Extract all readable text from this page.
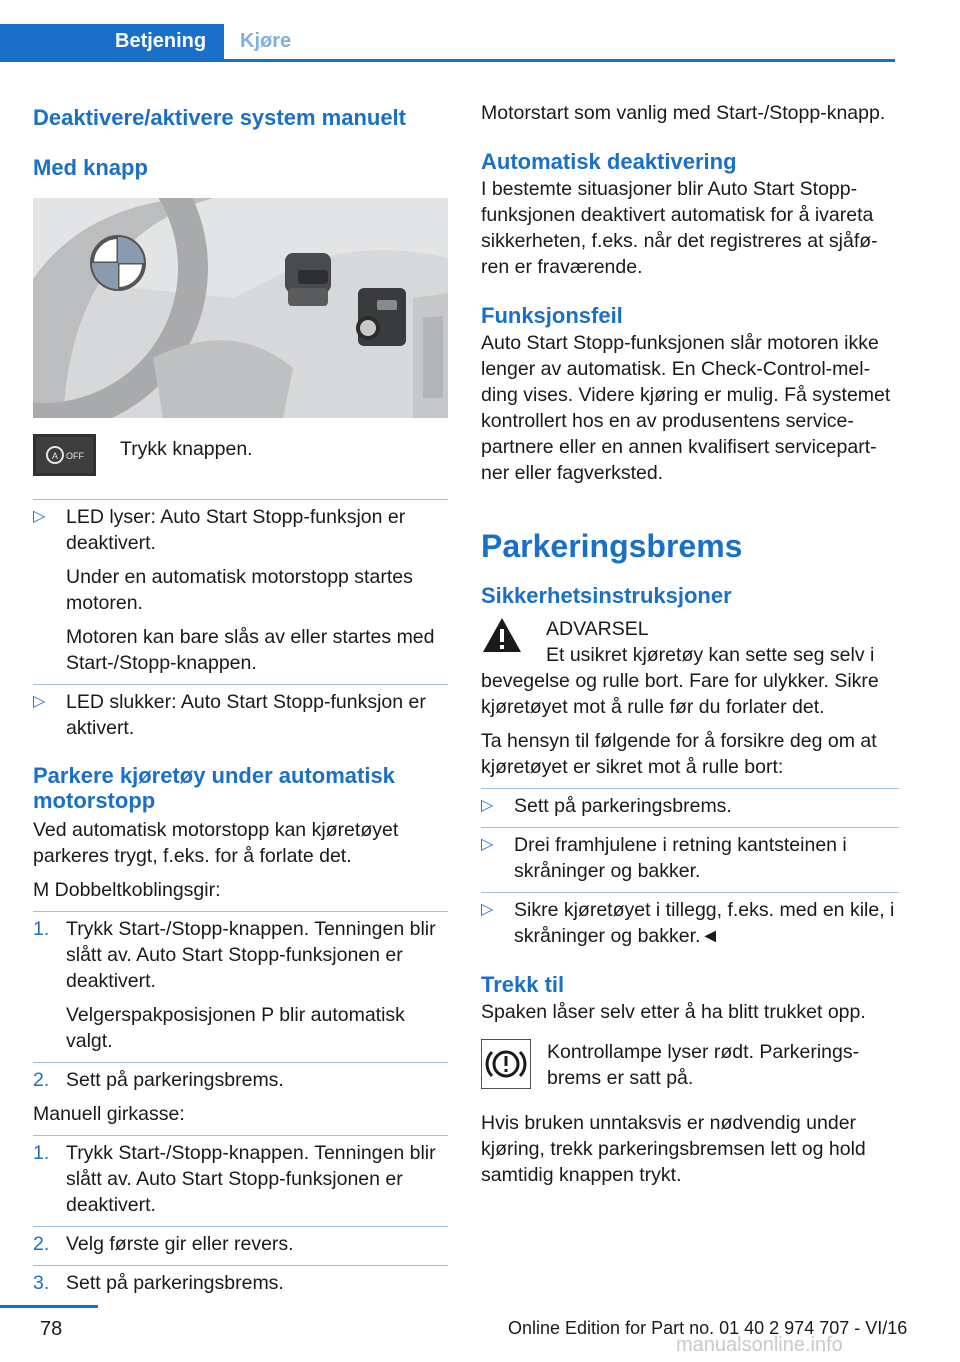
Betjening	Kjøre
Deaktivere/aktivere system manuelt
Med knapp
A OFF Trykk knappen.
▷ LED lyser: Auto Start Stopp-funksjon er deaktivert.

Under en automatisk motorstopp startes motoren.

Motoren kan bare slås av eller startes med Start-/Stopp-knappen.

▷ LED slukker: Auto Start Stopp-funksjon er aktivert.

Parkere kjøretøy under automatisk motorstopp

Ved automatisk motorstopp kan kjøretøyet parkeres trygt, f.eks. for å forlate det.

M Dobbeltkoblingsgir:

1. Trykk Start-/Stopp-knappen. Tenningen blir slått av. Auto Start Stopp-funksjonen er deaktivert.

Velgerspakposisjonen P blir automatisk valgt.

2. Sett på parkeringsbrems.

Manuell girkasse:

1. Trykk Start-/Stopp-knappen. Tenningen blir slått av. Auto Start Stopp-funksjonen er deaktivert.

2. Velg første gir eller revers.

3. Sett på parkeringsbrems.

Motorstart som vanlig med Start-/Stopp-knapp.

Automatisk deaktivering

I bestemte situasjoner blir Auto Start Stopp-funksjonen deaktivert automatisk for å ivareta sikkerheten, f.eks. når det registreres at sjåfø-ren er fraværende.

Funksjonsfeil

Auto Start Stopp-funksjonen slår motoren ikke lenger av automatisk. En Check-Control-mel-ding vises. Videre kjøring er mulig. Få systemet kontrollert hos en av produsentens service-partnere eller en annen kvalifisert servicepart-ner eller fagverksted.

Parkeringsbrems
Sikkerhetsinstruksjoner

ADVARSEL

Et usikret kjøretøy kan sette seg selv i

bevegelse og rulle bort. Fare for ulykker. Sikre kjøretøyet mot å rulle før du forlater det.

Ta hensyn til følgende for å forsikre deg om at kjøretøyet er sikret mot å rulle bort:

▷ Sett på parkeringsbrems.

▷ Drei framhjulene i retning kantsteinen i skråninger og bakker.

▷ Sikre kjøretøyet i tillegg, f.eks. med en kile, i skråninger og bakker.◄

Trekk til

Spaken låser selv etter å ha blitt trukket opp.

Kontrollampe lyser rødt. Parkerings-brems er satt på.

Hvis bruken unntaksvis er nødvendig under kjøring, trekk parkeringsbremsen lett og hold samtidig knappen trykt.

78	Online Edition for Part no. 01 40 2 974 707 - VI/16
manualsonline.info
